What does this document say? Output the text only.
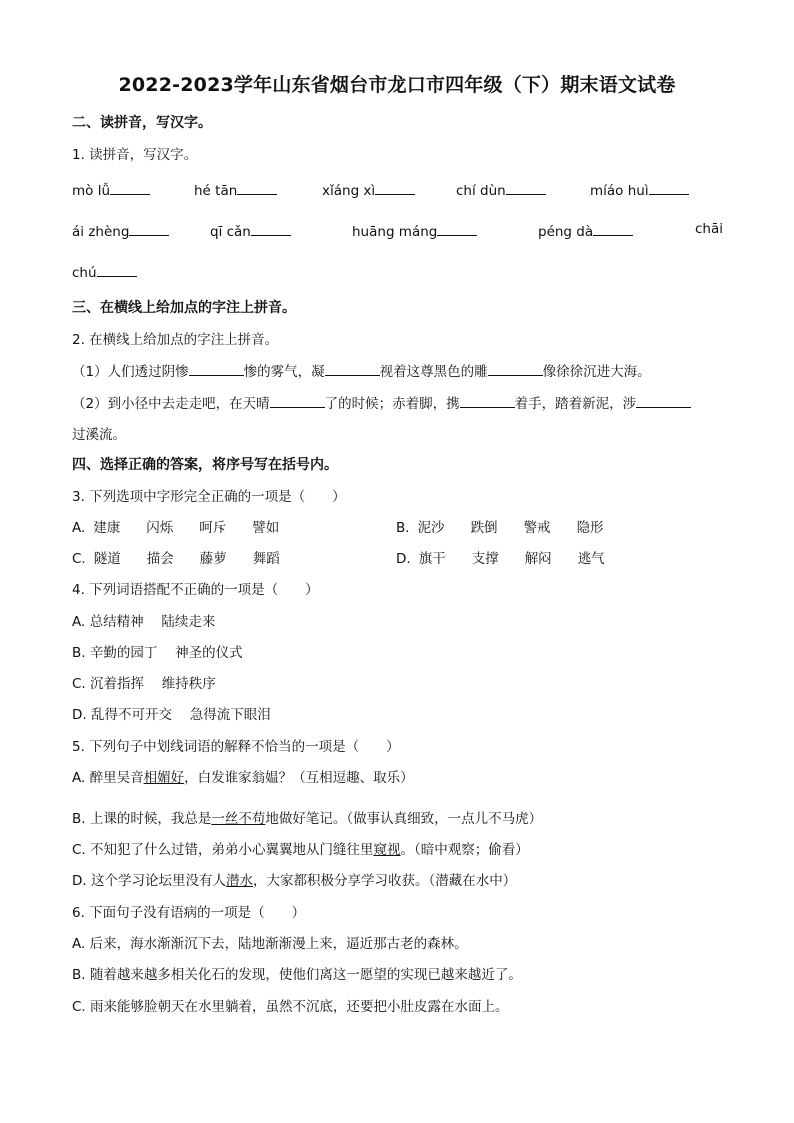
2022-2023学年山东省烟台市龙口市四年级（下）期末语文试卷
二、读拼音，写汉字。
1. 读拼音，写汉字。
mò lǚ	hé tān	xǐáng xì	chí dùn	míáo huì
ái zhèng	qī cǎn	huāng máng	péng dà	chāi
chú
三、在横线上给加点的字注上拼音。
2. 在横线上给加点的字注上拼音。
（1）人们透过阴惨	惨的雾气，凝	视着这尊黑色的雕	像徐徐沉进大海。
（2）到小径中去走走吧，在天晴	了的时候；赤着脚，携	着手，踏着新泥，涉
过溪流。
四、选择正确的答案，将序号写在括号内。
3. 下列选项中字形完全正确的一项是（　　）
A. 建康 闪烁 呵斥 譬如	B. 泥沙 跌倒 警戒 隐形
C. 隧道 描会 藤萝 舞蹈	D. 旗干 支撑 解闷 逃气
4. 下列词语搭配不正确的一项是（　　）
A. 总结精神　 陆续走来
B. 辛勤的园丁　 神圣的仪式
C. 沉着指挥　 维持秩序
D. 乱得不可开交　 急得流下眼泪
5. 下列句子中划线词语的解释不恰当的一项是（　　）
A. 醉里吴音相媚好，白发谁家翁媪？（互相逗趣、取乐）
B. 上课的时候，我总是一丝不苟地做好笔记。（做事认真细致，一点儿不马虎）
C. 不知犯了什么过错，弟弟小心翼翼地从门缝往里窥视。（暗中观察；偷看）
D. 这个学习论坛里没有人潜水，大家都积极分享学习收获。（潜藏在水中）
6. 下面句子没有语病的一项是（　　）
A. 后来，海水渐渐沉下去，陆地渐渐漫上来，逼近那古老的森林。
B. 随着越来越多相关化石的发现，使他们离这一愿望的实现已越来越近了。
C. 雨来能够脸朝天在水里躺着，虽然不沉底，还要把小肚皮露在水面上。
